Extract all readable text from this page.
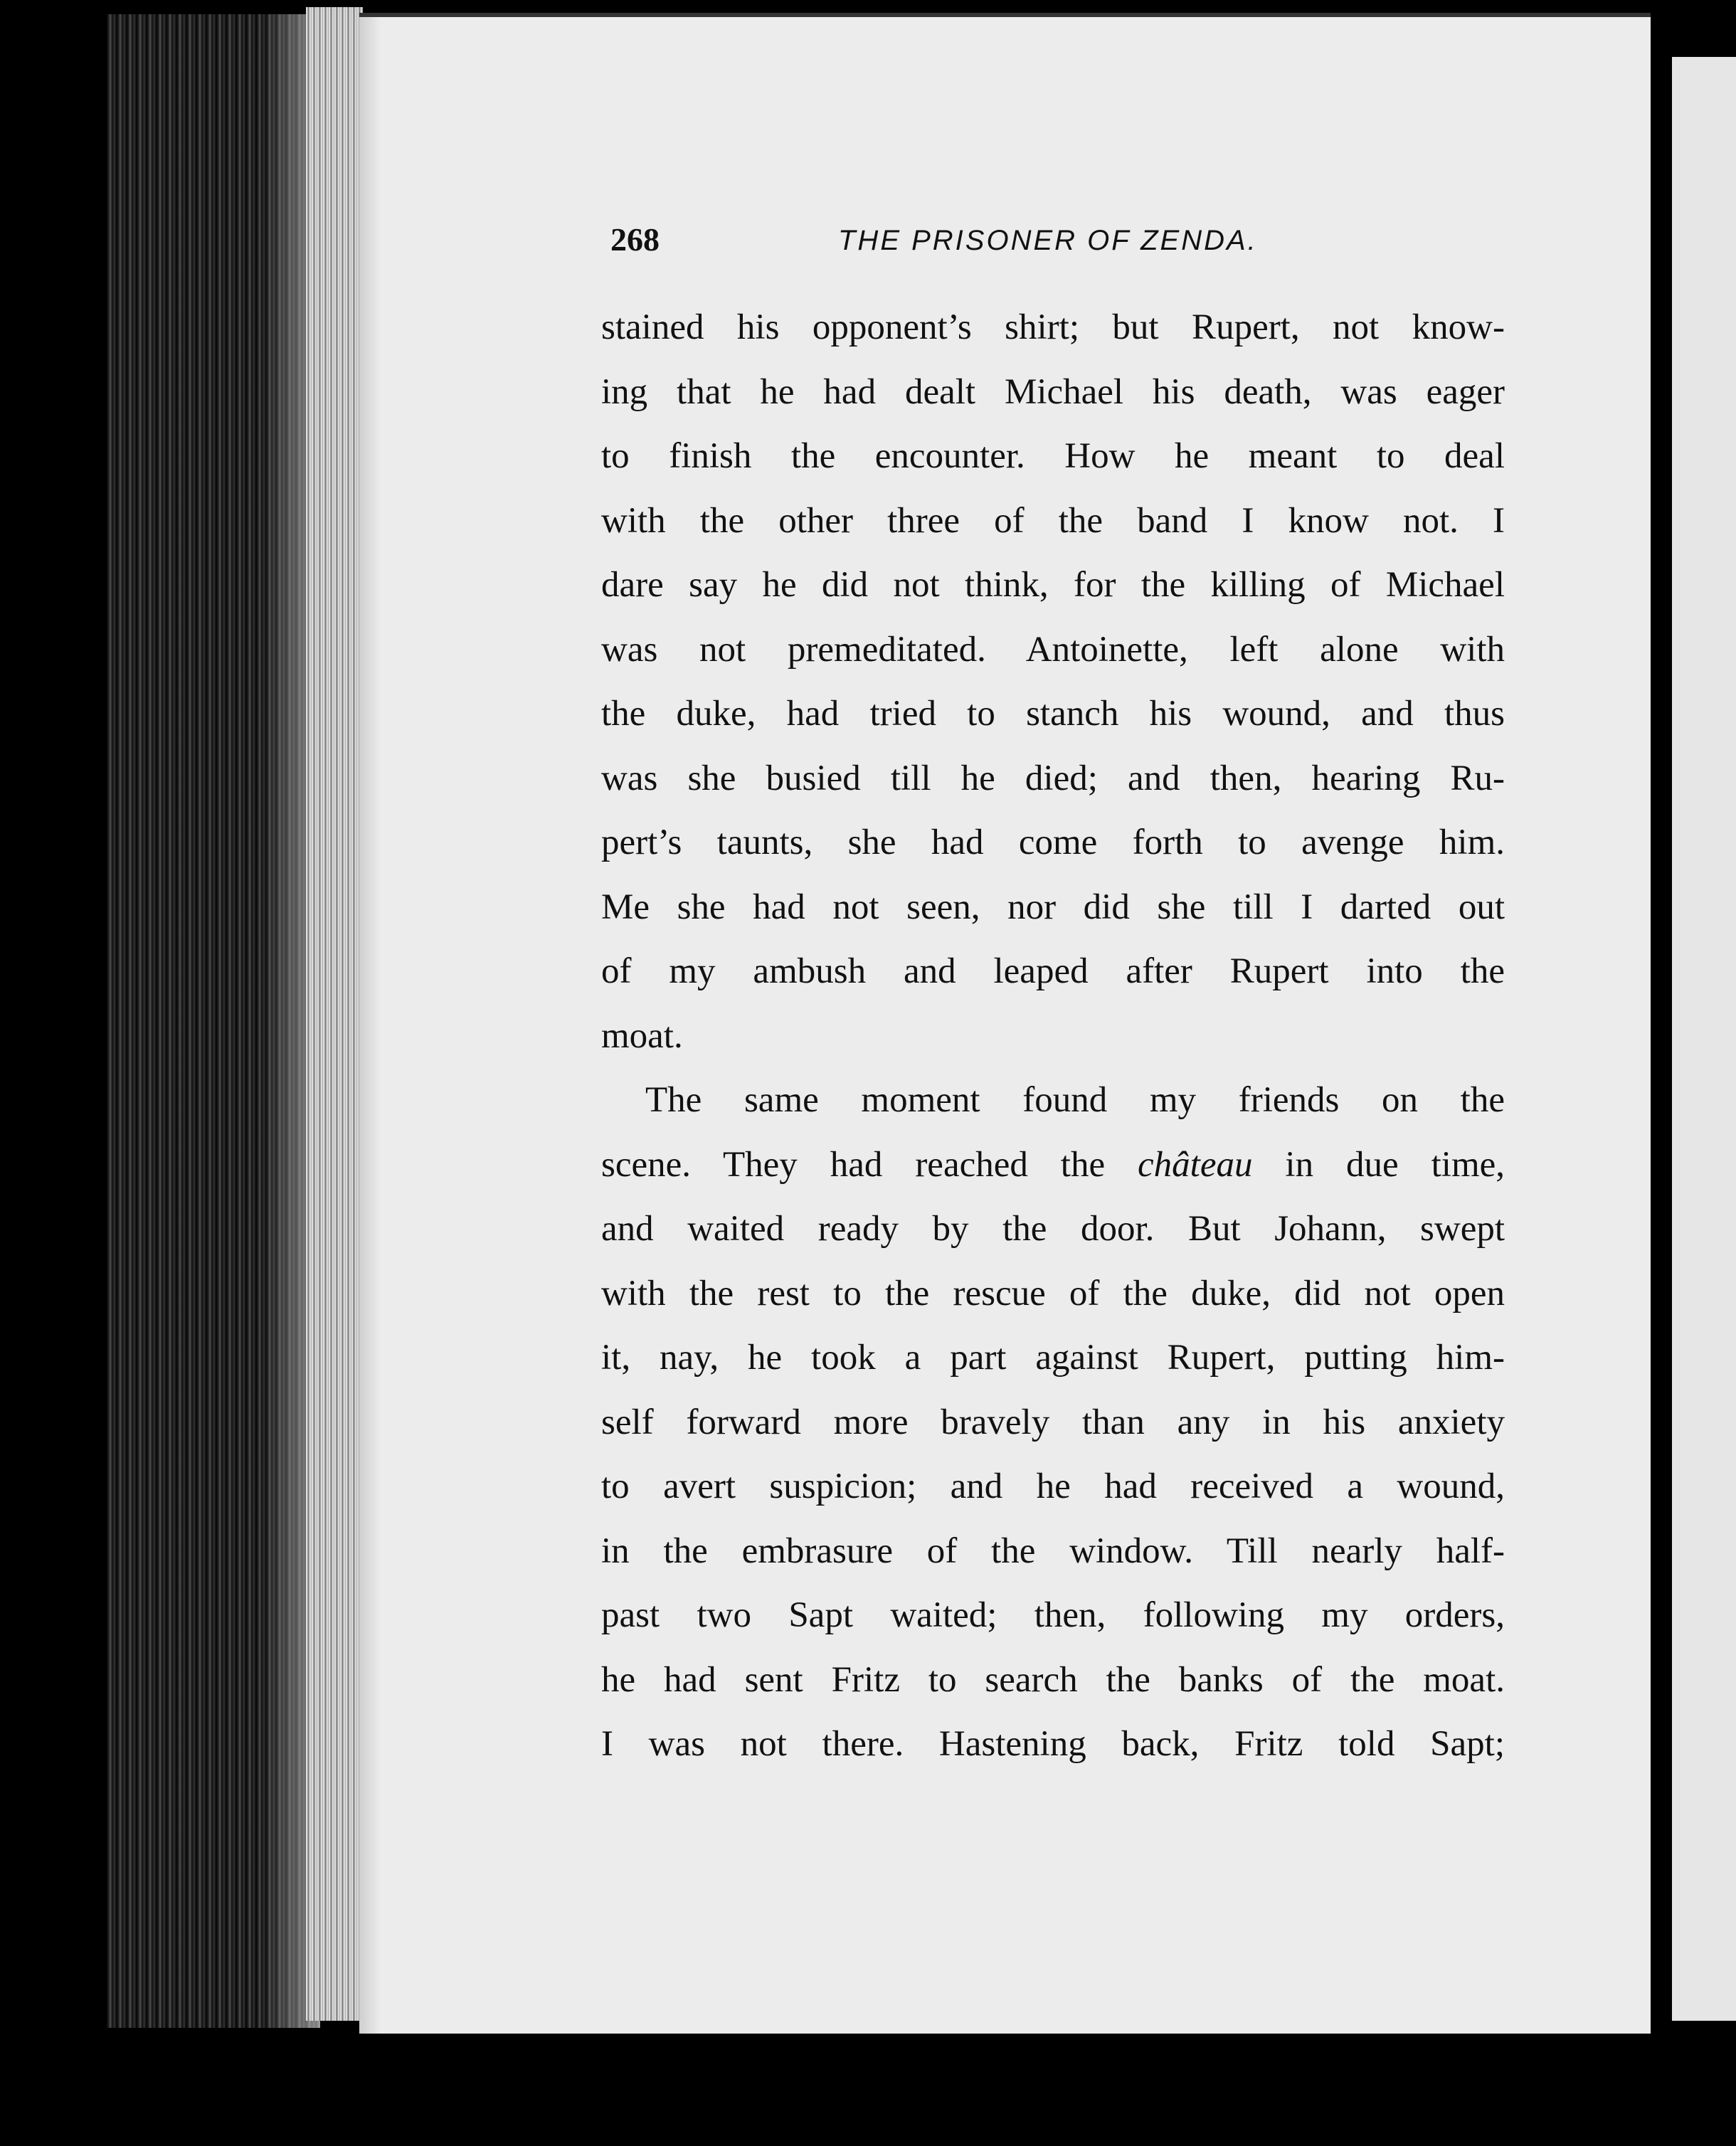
268	THE PRISONER OF ZENDA.
stained his opponent’s shirt; but Rupert, not know-
ing that he had dealt Michael his death, was eager
to finish the encounter. How he meant to deal
with the other three of the band I know not. I
dare say he did not think, for the killing of Michael
was not premeditated. Antoinette, left alone with
the duke, had tried to stanch his wound, and thus
was she busied till he died; and then, hearing Ru-
pert’s taunts, she had come forth to avenge him.
Me she had not seen, nor did she till I darted out
of my ambush and leaped after Rupert into the
moat.
The same moment found my friends on the
scene. They had reached the château in due time,
and waited ready by the door. But Johann, swept
with the rest to the rescue of the duke, did not open
it, nay, he took a part against Rupert, putting him-
self forward more bravely than any in his anxiety
to avert suspicion; and he had received a wound,
in the embrasure of the window. Till nearly half-
past two Sapt waited; then, following my orders,
he had sent Fritz to search the banks of the moat.
I was not there. Hastening back, Fritz told Sapt;
